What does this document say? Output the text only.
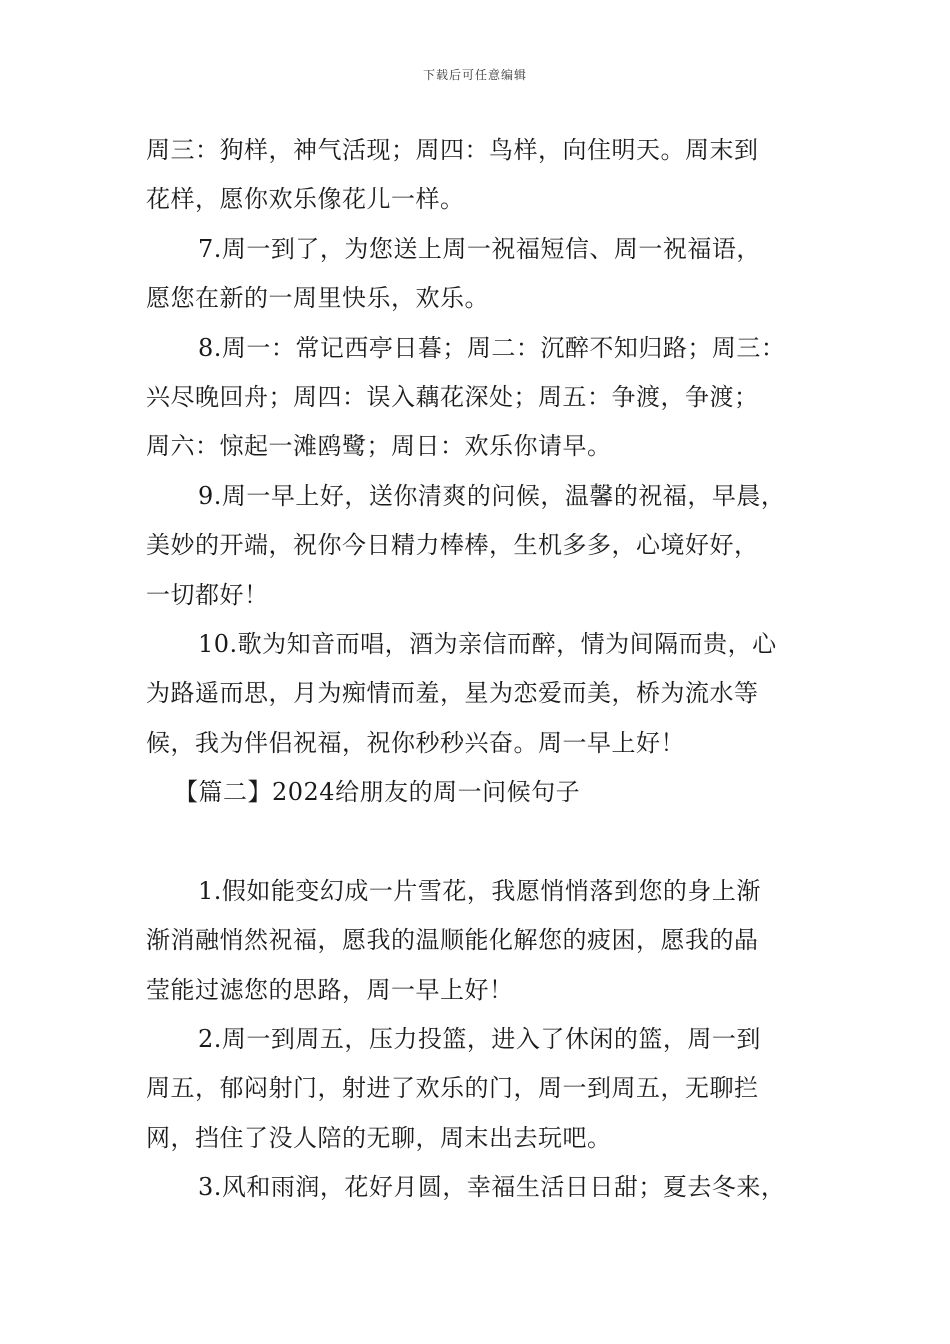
下载后可任意编辑
周三：狗样，神气活现；周四：鸟样，向住明天。周末到
花样，愿你欢乐像花儿一样。
7.周一到了，为您送上周一祝福短信、周一祝福语，
愿您在新的一周里快乐，欢乐。
8.周一：常记西亭日暮；周二：沉醉不知归路；周三：
兴尽晚回舟；周四：误入藕花深处；周五：争渡，争渡；
周六：惊起一滩鸥鹭；周日：欢乐你请早。
9.周一早上好，送你清爽的问候，温馨的祝福，早晨，
美妙的开端，祝你今日精力棒棒，生机多多，心境好好，
一切都好！
10.歌为知音而唱，酒为亲信而醉，情为间隔而贵，心
为路遥而思，月为痴情而羞，星为恋爱而美，桥为流水等
候，我为伴侣祝福，祝你秒秒兴奋。周一早上好！
【篇二】2024给朋友的周一问候句子
1.假如能变幻成一片雪花，我愿悄悄落到您的身上渐
渐消融悄然祝福，愿我的温顺能化解您的疲困，愿我的晶
莹能过滤您的思路，周一早上好！
2.周一到周五，压力投篮，进入了休闲的篮，周一到
周五，郁闷射门，射进了欢乐的门，周一到周五，无聊拦
网，挡住了没人陪的无聊，周末出去玩吧。
3.风和雨润，花好月圆，幸福生活日日甜；夏去冬来，
